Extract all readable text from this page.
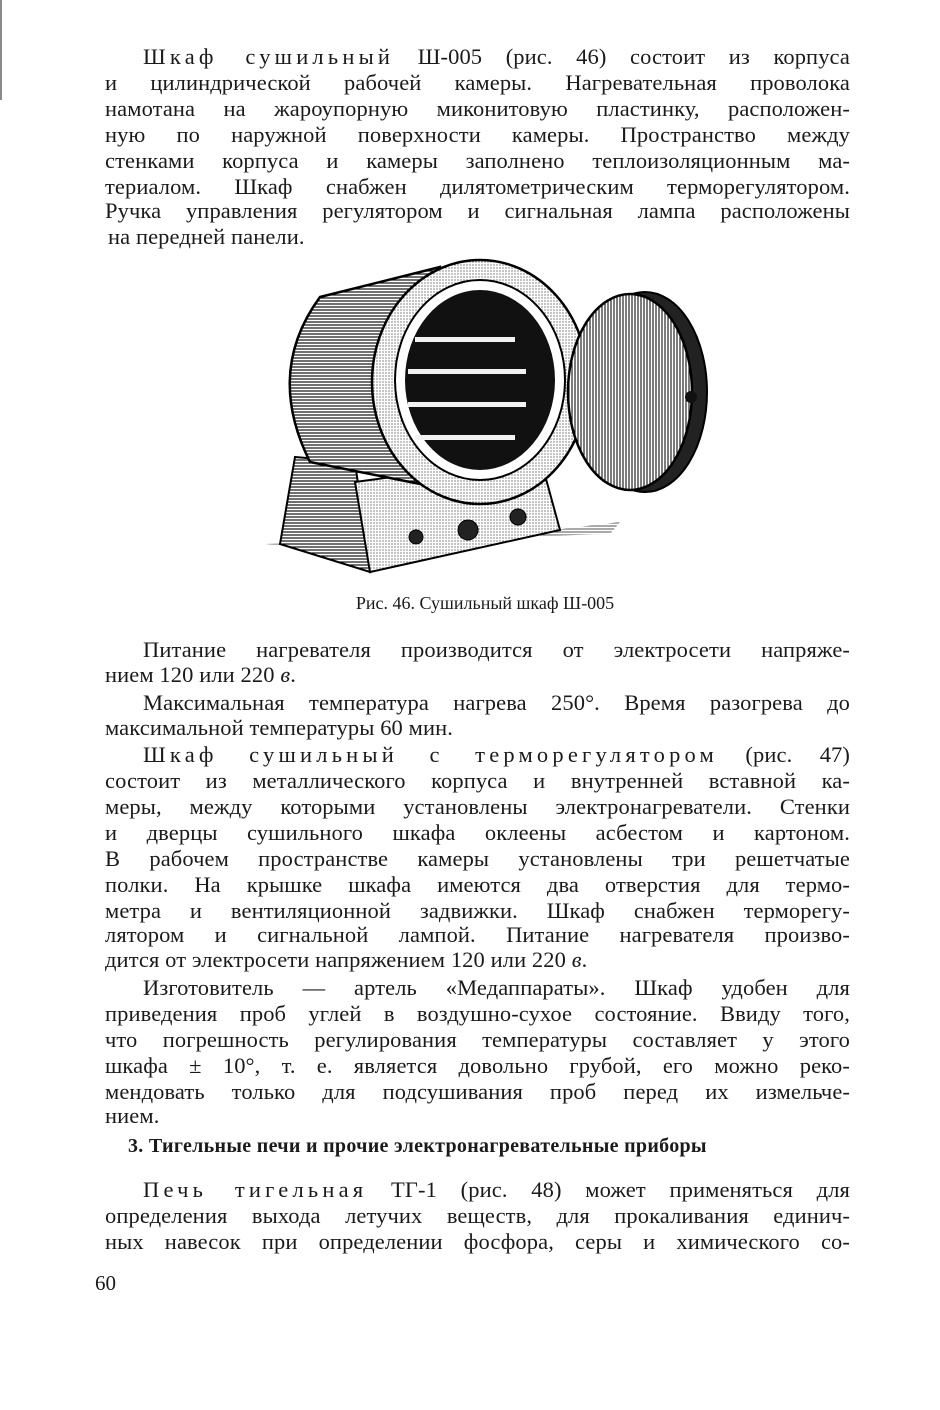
Шкаф сушильный Ш-005 (рис. 46) состоит из корпуса
и цилиндрической рабочей камеры. Нагревательная проволока
намотана на жароупорную миконитовую пластинку, расположен-
ную по наружной поверхности камеры. Пространство между
стенками корпуса и камеры заполнено теплоизоляционным ма-
териалом. Шкаф снабжен дилятометрическим терморегулятором.
Ручка управления регулятором и сигнальная лампа расположены
на передней панели.
Рис. 46. Сушильный шкаф Ш-005
Питание нагревателя производится от электросети напряже-
нием 120 или 220 в.
Максимальная температура нагрева 250°. Время разогрева до
максимальной температуры 60 мин.
Шкаф сушильный с терморегулятором (рис. 47)
состоит из металлического корпуса и внутренней вставной ка-
меры, между которыми установлены электронагреватели. Стенки
и дверцы сушильного шкафа оклеены асбестом и картоном.
В рабочем пространстве камеры установлены три решетчатые
полки. На крышке шкафа имеются два отверстия для термо-
метра и вентиляционной задвижки. Шкаф снабжен терморегу-
лятором и сигнальной лампой. Питание нагревателя произво-
дится от электросети напряжением 120 или 220 в.
Изготовитель — артель «Медаппараты». Шкаф удобен для
приведения проб углей в воздушно-сухое состояние. Ввиду того,
что погрешность регулирования температуры составляет у этого
шкафа ± 10°, т. е. является довольно грубой, его можно реко-
мендовать только для подсушивания проб перед их измельче-
нием.
3. Тигельные печи и прочие электронагревательные приборы
Печь тигельная ТГ-1 (рис. 48) может применяться для
определения выхода летучих веществ, для прокаливания единич-
ных навесок при определении фосфора, серы и химического со-
60
